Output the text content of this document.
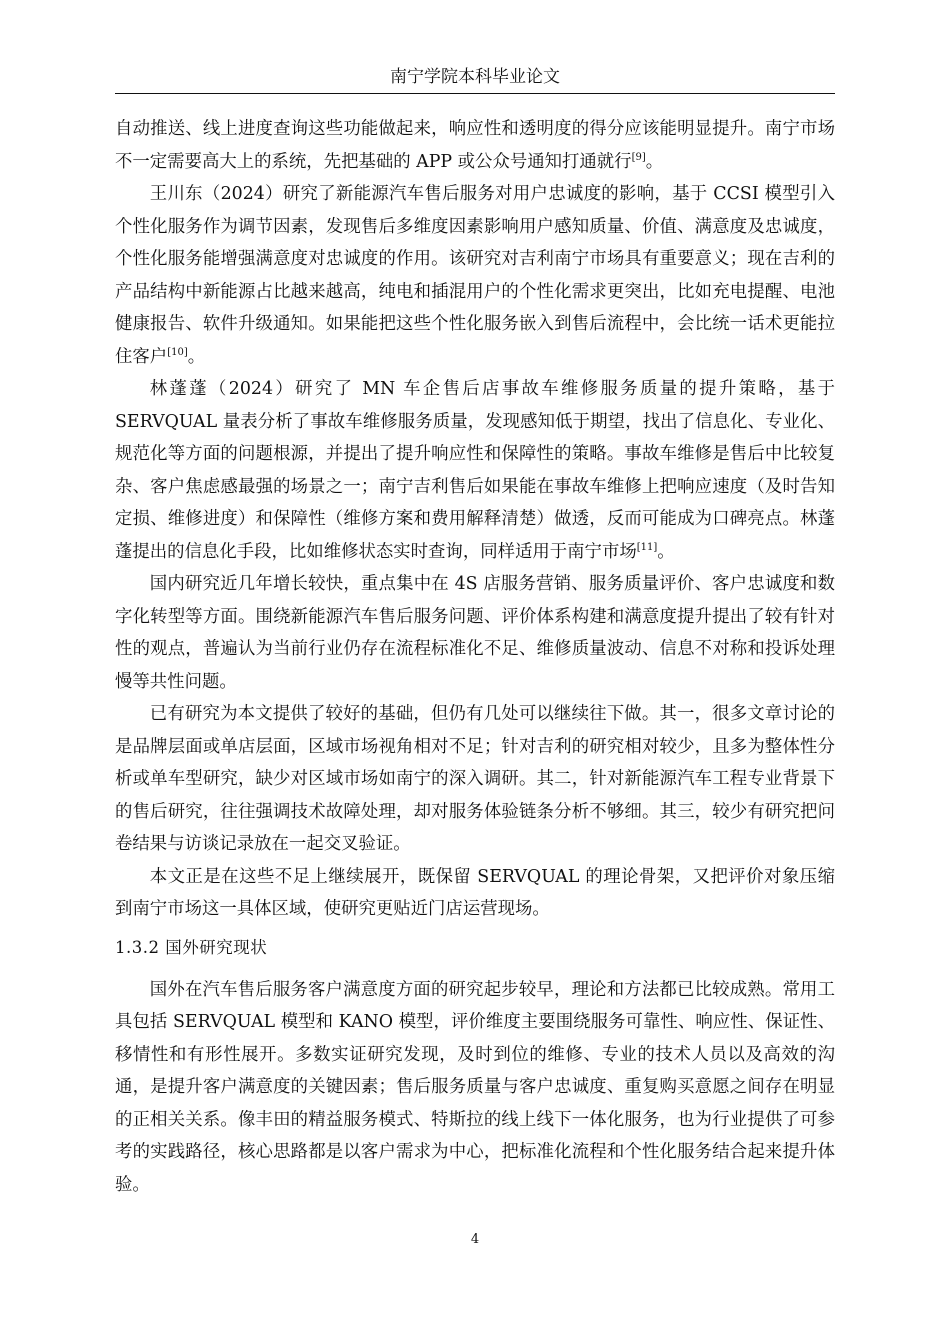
南宁学院本科毕业论文

自动推送、线上进度查询这些功能做起来，响应性和透明度的得分应该能明显提升。南宁市场不一定需要高大上的系统，先把基础的 APP 或公众号通知打通就行[9]。

王川东（2024）研究了新能源汽车售后服务对用户忠诚度的影响，基于 CCSI 模型引入个性化服务作为调节因素，发现售后多维度因素影响用户感知质量、价值、满意度及忠诚度，个性化服务能增强满意度对忠诚度的作用。该研究对吉利南宁市场具有重要意义；现在吉利的产品结构中新能源占比越来越高，纯电和插混用户的个性化需求更突出，比如充电提醒、电池健康报告、软件升级通知。如果能把这些个性化服务嵌入到售后流程中，会比统一话术更能拉住客户[10]。

林蓬蓬（2024）研究了 MN 车企售后店事故车维修服务质量的提升策略，基于 SERVQUAL 量表分析了事故车维修服务质量，发现感知低于期望，找出了信息化、专业化、规范化等方面的问题根源，并提出了提升响应性和保障性的策略。事故车维修是售后中比较复杂、客户焦虑感最强的场景之一；南宁吉利售后如果能在事故车维修上把响应速度（及时告知定损、维修进度）和保障性（维修方案和费用解释清楚）做透，反而可能成为口碑亮点。林蓬蓬提出的信息化手段，比如维修状态实时查询，同样适用于南宁市场[11]。

国内研究近几年增长较快，重点集中在 4S 店服务营销、服务质量评价、客户忠诚度和数字化转型等方面。围绕新能源汽车售后服务问题、评价体系构建和满意度提升提出了较有针对性的观点，普遍认为当前行业仍存在流程标准化不足、维修质量波动、信息不对称和投诉处理慢等共性问题。

已有研究为本文提供了较好的基础，但仍有几处可以继续往下做。其一，很多文章讨论的是品牌层面或单店层面，区域市场视角相对不足；针对吉利的研究相对较少，且多为整体性分析或单车型研究，缺少对区域市场如南宁的深入调研。其二，针对新能源汽车工程专业背景下的售后研究，往往强调技术故障处理，却对服务体验链条分析不够细。其三，较少有研究把问卷结果与访谈记录放在一起交叉验证。

本文正是在这些不足上继续展开，既保留 SERVQUAL 的理论骨架，又把评价对象压缩到南宁市场这一具体区域，使研究更贴近门店运营现场。

1.3.2 国外研究现状

国外在汽车售后服务客户满意度方面的研究起步较早，理论和方法都已比较成熟。常用工具包括 SERVQUAL 模型和 KANO 模型，评价维度主要围绕服务可靠性、响应性、保证性、移情性和有形性展开。多数实证研究发现，及时到位的维修、专业的技术人员以及高效的沟通，是提升客户满意度的关键因素；售后服务质量与客户忠诚度、重复购买意愿之间存在明显的正相关关系。像丰田的精益服务模式、特斯拉的线上线下一体化服务，也为行业提供了可参考的实践路径，核心思路都是以客户需求为中心，把标准化流程和个性化服务结合起来提升体验。

4
